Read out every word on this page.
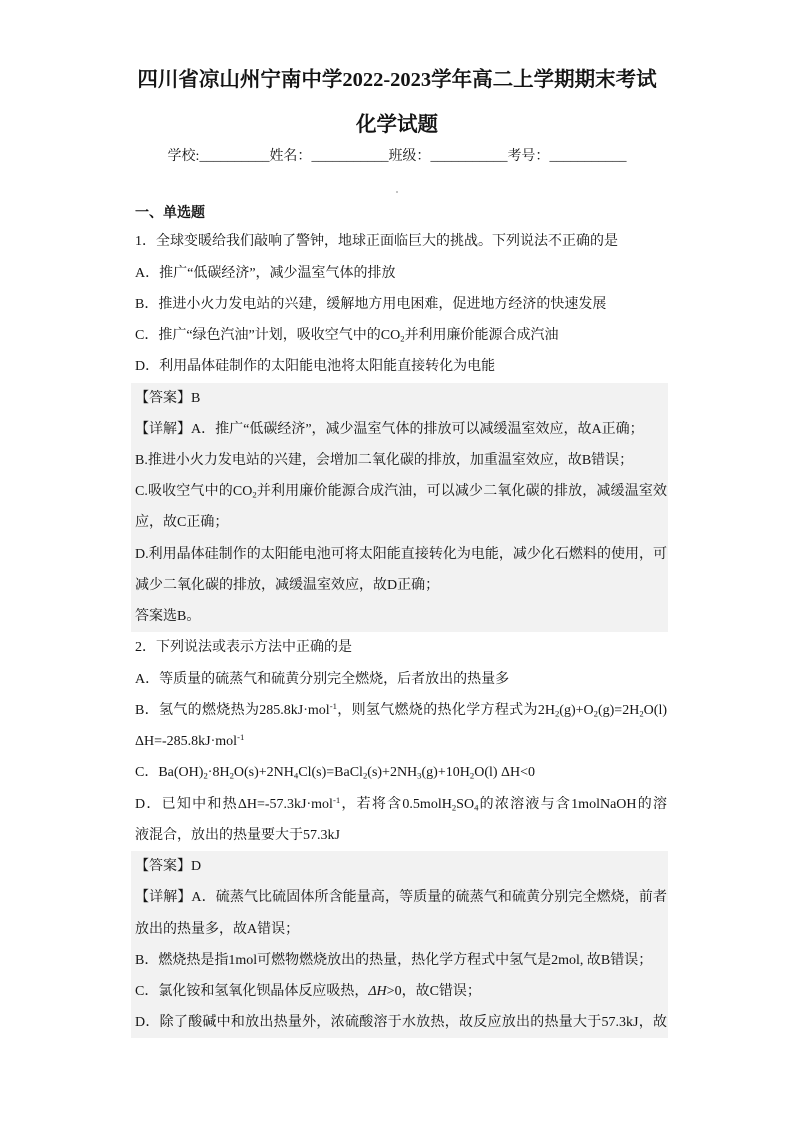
四川省凉山州宁南中学2022-2023学年高二上学期期末考试
化学试题
学校:__________姓名：___________班级：___________考号：___________
一、单选题
1．全球变暖给我们敲响了警钟，地球正面临巨大的挑战。下列说法不正确的是
A．推广“低碳经济”，减少温室气体的排放
B．推进小火力发电站的兴建，缓解地方用电困难，促进地方经济的快速发展
C．推广“绿色汽油”计划，吸收空气中的$CO_2$并利用廉价能源合成汽油
D．利用晶体硅制作的太阳能电池将太阳能直接转化为电能
【答案】B
【详解】A．推广“低碳经济”，减少温室气体的排放可以减缓温室效应，故A正确；
B.推进小火力发电站的兴建，会增加二氧化碳的排放，加重温室效应，故B错误；
C.吸收空气中的$CO_2$并利用廉价能源合成汽油，可以减少二氧化碳的排放，减缓温室效
应，故C正确；
D.利用晶体硅制作的太阳能电池可将太阳能直接转化为电能，减少化石燃料的使用，可
减少二氧化碳的排放，减缓温室效应，故D正确；
答案选B。
2．下列说法或表示方法中正确的是
A．等质量的硫蒸气和硫黄分别完全燃烧，后者放出的热量多
B．氢气的燃烧热为285.8kJ·mol$^{-1}$，则氢气燃烧的热化学方程式为$2H_2(g)+O_2(g)=2H_2O(l)$
ΔH=-285.8kJ·mol$^{-1}$
C．$Ba(OH)_2\cdot 8H_2O(s)+2NH_4Cl(s)=BaCl_2(s)+2NH_3(g)+10H_2O(l)$ ΔH<0
D．已知中和热ΔH=-57.3kJ·mol$^{-1}$，若将含$0.5molH_2SO_4$的浓溶液与含1molNaOH的溶
液混合，放出的热量要大于57.3kJ
【答案】D
【详解】A．硫蒸气比硫固体所含能量高，等质量的硫蒸气和硫黄分别完全燃烧，前者
放出的热量多，故A错误；
B．燃烧热是指1mol可燃物燃烧放出的热量，热化学方程式中氢气是2mol, 故B错误；
C．氯化铵和氢氧化钡晶体反应吸热，ΔH>0，故C错误；
D．除了酸碱中和放出热量外，浓硫酸溶于水放热，故反应放出的热量大于57.3kJ，故
